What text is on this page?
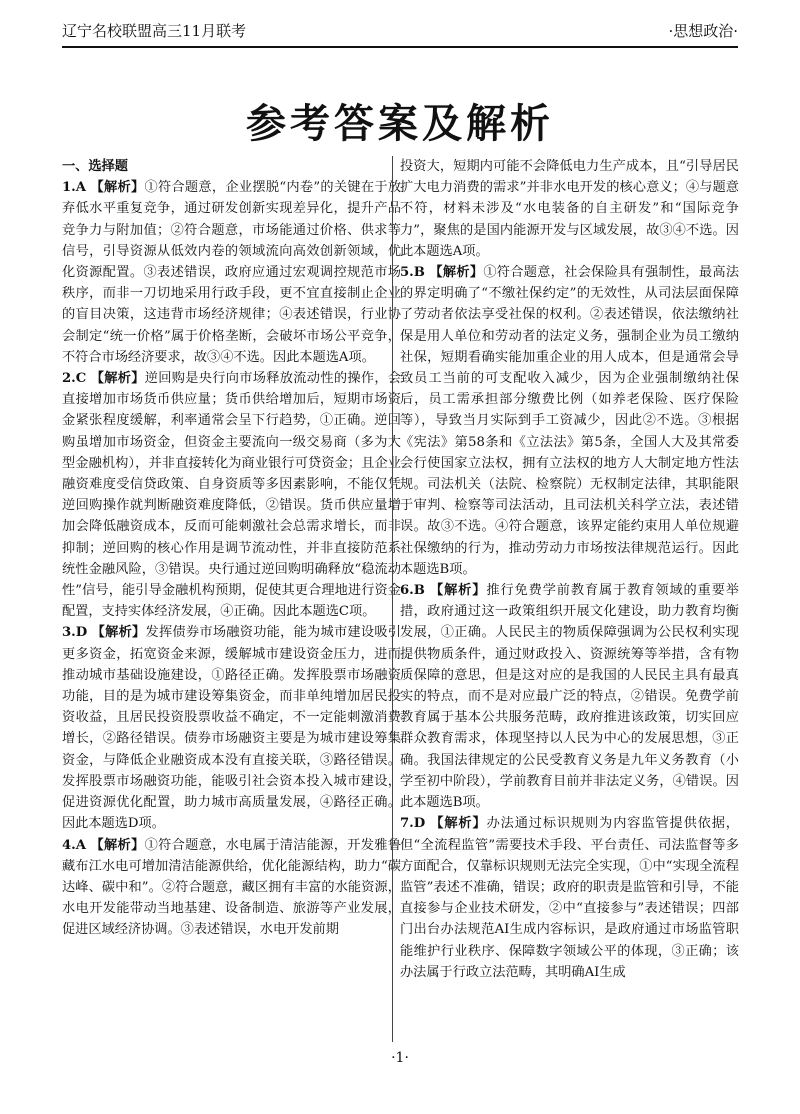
辽宁名校联盟高三11月联考	·思想政治·
参考答案及解析

一、选择题

1.A 【解析】①符合题意，企业摆脱“内卷”的关键在于放弃低水平重复竞争，通过研发创新实现差异化，提升产品竞争力与附加值；②符合题意，市场能通过价格、供求等信号，引导资源从低效内卷的领域流向高效创新领域，优化资源配置。③表述错误，政府应通过宏观调控规范市场秩序，而非一刀切地采用行政手段，更不宜直接制止企业的盲目决策，这违背市场经济规律；④表述错误，行业协会制定“统一价格”属于价格垄断，会破坏市场公平竞争，不符合市场经济要求，故③④不选。因此本题选A项。

2.C 【解析】逆回购是央行向市场释放流动性的操作，会直接增加市场货币供应量；货币供给增加后，短期市场资金紧张程度缓解，利率通常会呈下行趋势，①正确。逆回购虽增加市场资金，但资金主要流向一级交易商（多为大型金融机构），并非直接转化为商业银行可贷资金；且企业融资难度受信贷政策、自身资质等多因素影响，不能仅凭逆回购操作就判断融资难度降低，②错误。货币供应量增加会降低融资成本，反而可能刺激社会总需求增长，而非抑制；逆回购的核心作用是调节流动性，并非直接防范系统性金融风险，③错误。央行通过逆回购明确释放“稳流动性”信号，能引导金融机构预期，促使其更合理地进行资金配置，支持实体经济发展，④正确。因此本题选C项。

3.D 【解析】发挥债券市场融资功能，能为城市建设吸引更多资金，拓宽资金来源，缓解城市建设资金压力，进而推动城市基础设施建设，①路径正确。发挥股票市场融资功能，目的是为城市建设筹集资金，而非单纯增加居民投资收益，且居民投资股票收益不确定，不一定能刺激消费增长，②路径错误。债券市场融资主要是为城市建设筹集资金，与降低企业融资成本没有直接关联，③路径错误。发挥股票市场融资功能，能吸引社会资本投入城市建设，促进资源优化配置，助力城市高质量发展，④路径正确。因此本题选D项。

4.A 【解析】①符合题意，水电属于清洁能源，开发雅鲁藏布江水电可增加清洁能源供给，优化能源结构，助力“碳达峰、碳中和”。②符合题意，藏区拥有丰富的水能资源，水电开发能带动当地基建、设备制造、旅游等产业发展，促进区域经济协调。③表述错误，水电开发前期

投资大，短期内可能不会降低电力生产成本，且“引导居民扩大电力消费的需求”并非水电开发的核心意义；④与题意不符，材料未涉及“水电装备的自主研发”和“国际竞争力”，聚焦的是国内能源开发与区域发展，故③④不选。因此本题选A项。

5.B 【解析】①符合题意，社会保险具有强制性，最高法的界定明确了“不缴社保约定”的无效性，从司法层面保障了劳动者依法享受社保的权利。②表述错误，依法缴纳社保是用人单位和劳动者的法定义务，强制企业为员工缴纳社保，短期看确实能加重企业的用人成本，但是通常会导致员工当前的可支配收入减少，因为企业强制缴纳社保后，员工需承担部分缴费比例（如养老保险、医疗保险等），导致当月实际到手工资减少，因此②不选。③根据《宪法》第58条和《立法法》第5条，全国人大及其常委会行使国家立法权，拥有立法权的地方人大制定地方性法规。司法机关（法院、检察院）无权制定法律，其职能限于审判、检察等司法活动，且司法机关科学立法，表述错误。故③不选。④符合题意，该界定能约束用人单位规避社保缴纳的行为，推动劳动力市场按法律规范运行。因此本题选B项。

6.B 【解析】推行免费学前教育属于教育领域的重要举措，政府通过这一政策组织开展文化建设，助力教育均衡发展，①正确。人民民主的物质保障强调为公民权利实现提供物质条件，通过财政投入、资源统筹等举措，含有物质保障的意思，但是这对应的是我国的人民民主具有最真实的特点，而不是对应最广泛的特点，②错误。免费学前教育属于基本公共服务范畴，政府推进该政策，切实回应群众教育需求，体现坚持以人民为中心的发展思想，③正确。我国法律规定的公民受教育义务是九年义务教育（小学至初中阶段），学前教育目前并非法定义务，④错误。因此本题选B项。

7.D 【解析】办法通过标识规则为内容监管提供依据，但“全流程监管”需要技术手段、平台责任、司法监督等多方面配合，仅靠标识规则无法完全实现，①中“实现全流程监管”表述不准确，错误；政府的职责是监管和引导，不能直接参与企业技术研发，②中“直接参与”表述错误；四部门出台办法规范AI生成内容标识，是政府通过市场监管职能维护行业秩序、保障数字领域公平的体现，③正确；该办法属于行政立法范畴，其明确AI生成

·1·
